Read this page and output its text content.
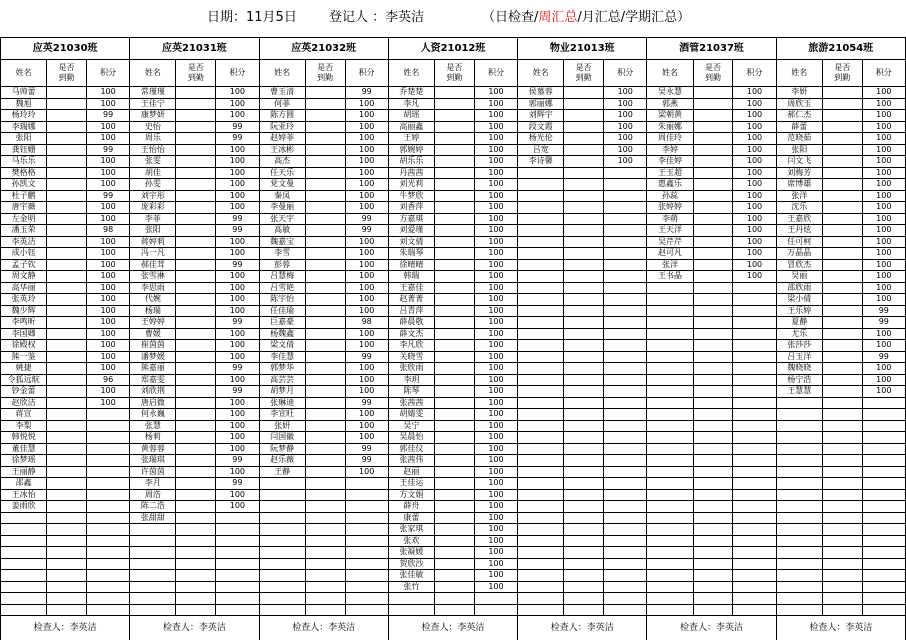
日期：11月5日 登记人 ：李英洁	（日检查/周汇总/月汇总/学期汇总）
应英21030班
姓名
是否到勤
积分
马帅蕾	100
魏旭	100
杨玲玲	99
李瑞娜	100
张阳	100
龚钰姗	99
马乐乐	100
樊格格	100
孙凯文	100
杜子鹏	99
唐宇薇	100
左金明	100
潘玉荣	98
李英洁	100
成小钰	100
孟子钦	100
周文静	100
高华丽	100
张英玲	100
魏少辉	100
李鸣昕	100
李国卿	100
徐殿权	100
熊一鉴	100
姚捷	100
令狐远航	96
钞金蕾	100
赵欣洁	100
蒋宣
李梨
韩悦悦
董佳慧
徐梦瑶
王丽静
邵鑫
王冰怡
姜雨欣
检查人：李英洁
应英21031班
姓名
是否到勤
积分
常瑾瑾	100
王佳宁	100
康梦妍	100
史怡	99
周乐	99
王怡怡	100
张雯	100
胡佳	100
孙雯	100
刘宇彤	100
庞彩彩	100
李菲	99
张阳	99
蒋婷莉	100
冯一凡	100
郝佳茸	99
张雪淋	100
李思雨	100
代婉	100
杨瑞	100
王婷婷	99
曹媛	100
崔茵茵	100
潘梦媛	100
熊嘉丽	99
郑嘉雯	100
刘欣荆	99
唐启微	100
何永巍	100
张慧	100
杨莉	100
黄蓉蓉	100
张瑞琪	99
许茵茵	100
李月	99
周浩	100
陈二浩	100
张甜甜
检查人：李英洁
应英21032班
姓名
是否到勤
积分
曹玉清	99
何菲	100
陈方圆	100
阮亚玲	100
赵婷菲	100
王冰彬	100
高杰	100
任天乐	100
党文曼	100
秦凤	100
李曼丽	100
张天宇	99
高敏	99
魏嘉宝	100
李雪	100
彭蓉	100
吕慧梅	100
吕雪艳	100
陈宇怡	100
任佳瑜	100
巨嘉豪	98
杨魏鑫	100
梁文倩	100
李佳慧	99
郭梦华	100
高芸芸	100
胡梦月	100
张琳迪	99
李宣旺	100
张妍	100
闫国徽	100
阮梦静	99
赵乐薇	99
王静	100
检查人：李英洁
人资21012班
姓名
是否到勤
积分
乔楚楚	100
李凡	100
胡瑶	100
高丽鑫	100
王婷	100
郭婉婷	100
胡乐乐	100
丹茜茜	100
刘光莉	100
牛梦欣	100
刘香萍	100
方嘉琪	100
刘爱瑾	100
刘文倩	100
朱瑞琴	100
徐晴晴	100
韩瑞	100
王嘉佳	100
赵菁菁	100
吕青萍	100
薛晨敬	100
薛文杰	100
李凡欣	100
关晓雪	100
张欣雨	100
李玥	100
陈琴	100
张茜茜	100
胡婧雯	100
吴宁	100
吴晨怡	100
郭佳仪	100
张茜伟	100
赵丽	100
王佳运	100
方文娟	100
薛舟	100
康蕾	100
张家琪	100
张欢	100
张凝媛	100
贺欣沙	100
张佳敏	100
张竹	100
检查人：李英洁
物业21013班
姓名
是否到勤
积分
侯慕蓉	100
郭丽娜	100
刘辉宇	100
段文霞	100
杨光伦	100
吕宽	100
李诗馨	100
检查人：李英洁
酒管21037班
姓名
是否到勤
积分
吴永慧	100
郭燕	100
梁朝黄	100
朱丽娜	100
周佳玲	100
李婷	100
李佳婷	100
王玉超	100
惠鑫乐	100
孙蕊	100
张婷婷	100
李萌	100
王天洋	100
吴芹芹	100
赵可凡	100
张洋	100
王书晶	100
检查人：李英洁
旅游21054班
姓名
是否到勤
积分
李妍	100
周欣玉	100
郝仁杰	100
薛蕾	100
范晓茹	100
张阳	100
闫文飞	100
刘梅芳	100
席博雄	100
张洋	100
沈乐	100
王嘉欣	100
王丹炫	100
任可柯	100
万晶晶	100
冒欣杰	100
吴丽	100
邵欣雨	100
梁小倩	100
王乐婷	99
夏静	99
尤乐	100
张莎莎	100
吕玉洋	99
魏晓晓	100
杨宁浩	100
王慧慧	100
检查人：李英洁
